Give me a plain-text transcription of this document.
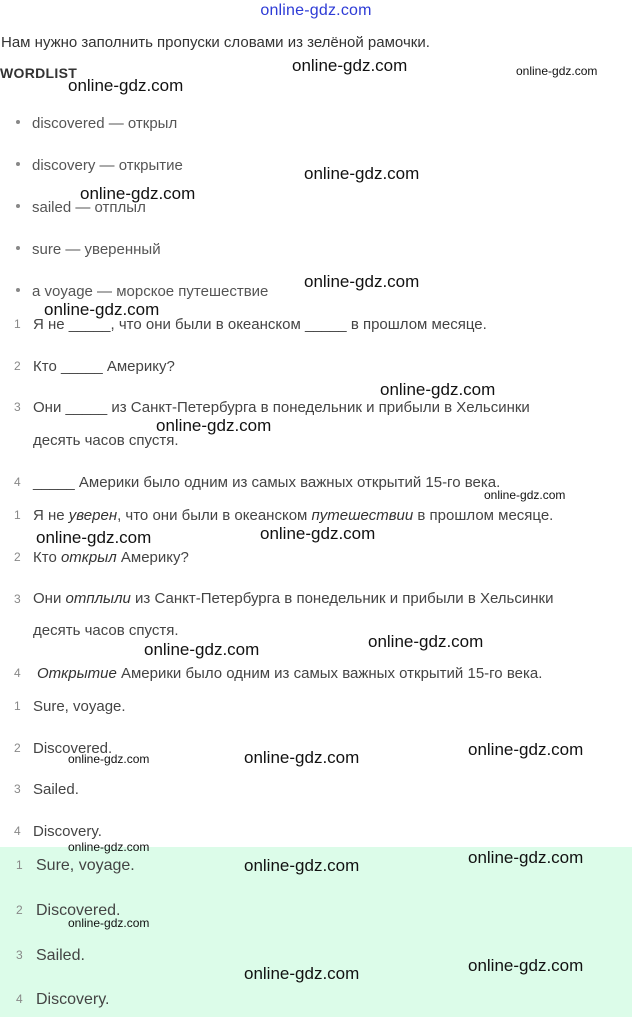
online-gdz.com
Нам нужно заполнить пропуски словами из зелёной рамочки.
WORDLIST
discovered — открыл
discovery — открытие
sailed — отплыл
sure — уверенный
a voyage — морское путешествие
1 Я не _____, что они были в океанском _____ в прошлом месяце.
2 Кто _____ Америку?
3 Они _____ из Санкт-Петербурга в понедельник и прибыли в Хельсинки
десять часов спустя.
4 _____ Америки было одним из самых важных открытий 15-го века.
1 Я не уверен, что они были в океанском путешествии в прошлом месяце.
2 Кто открыл Америку?
3 Они отплыли из Санкт-Петербурга в понедельник и прибыли в Хельсинки
десять часов спустя.
4 Открытие Америки было одним из самых важных открытий 15-го века.
1 Sure, voyage.
2 Discovered.
3 Sailed.
4 Discovery.
1 Sure, voyage.
2 Discovered.
3 Sailed.
4 Discovery.
online-gdz.com	online-gdz.com
online-gdz.com
online-gdz.com
online-gdz.com
online-gdz.com
online-gdz.com
online-gdz.com
online-gdz.com
online-gdz.com
online-gdz.com
online-gdz.com
online-gdz.com
online-gdz.com
online-gdz.com
online-gdz.com
online-gdz.com
online-gdz.com
online-gdz.com
online-gdz.com
online-gdz.com
online-gdz.com
online-gdz.com
